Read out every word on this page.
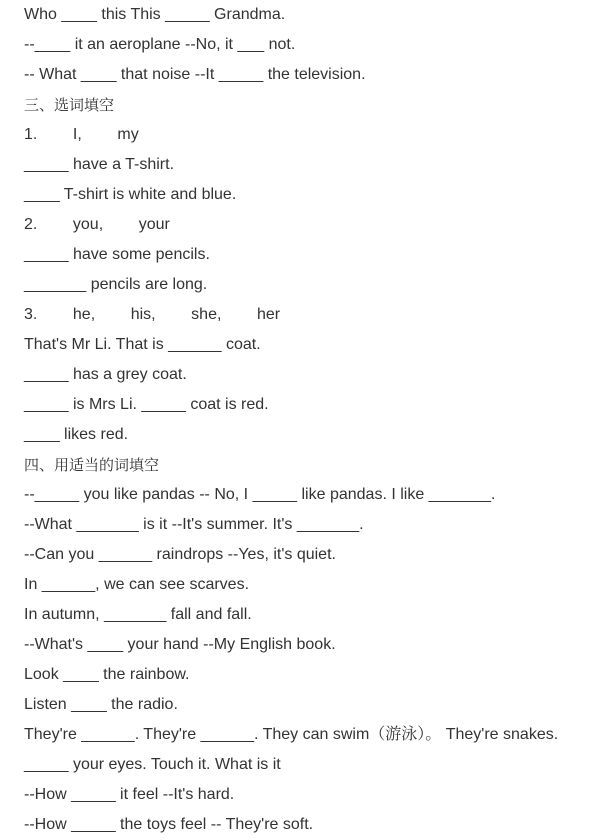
Who ____ this This _____ Grandma.
--____ it an aeroplane --No, it ___ not.
-- What ____ that noise --It _____ the television.
三、选词填空
1.        I,        my
_____ have a T-shirt.
____ T-shirt is white and blue.
2.        you,        your
_____ have some pencils.
_______ pencils are long.
3.        he,        his,        she,        her
That's Mr Li. That is ______ coat.
_____ has a grey coat.
_____ is Mrs Li. _____ coat is red.
____ likes red.
四、用适当的词填空
--_____ you like pandas -- No, I _____ like pandas. I like _______.
--What _______ is it --It's summer. It's _______.
--Can you ______ raindrops --Yes, it's quiet.
In ______, we can see scarves.
In autumn, _______ fall and fall.
--What's ____ your hand --My English book.
Look ____ the rainbow.
Listen ____ the radio.
They're ______. They're ______. They can swim（游泳）。 They're snakes.
_____ your eyes. Touch it. What is it
--How _____ it feel --It's hard.
--How _____ the toys feel -- They're soft.
